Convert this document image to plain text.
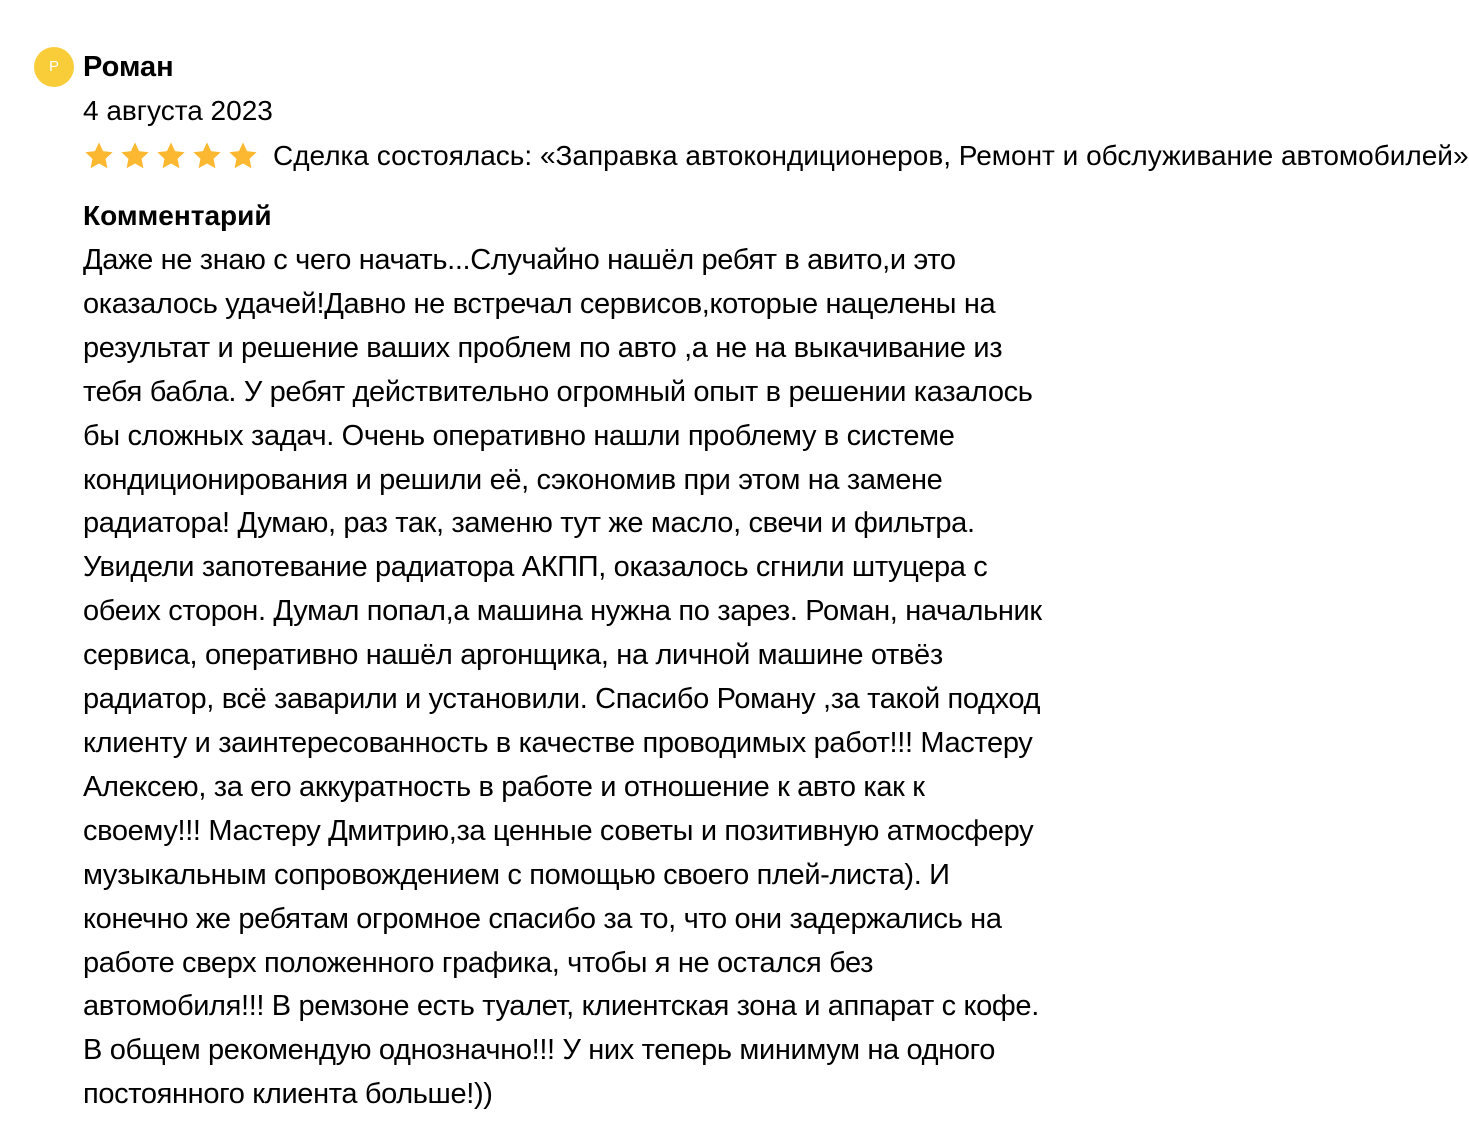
Р Роман
4 августа 2023
Сделка состоялась: «Заправка автокондиционеров, Ремонт и обслуживание автомобилей»
Комментарий

Даже не знаю с чего начать...Случайно нашёл ребят в авито,и это
оказалось удачей!Давно не встречал сервисов,которые нацелены на
результат и решение ваших проблем по авто ,а не на выкачивание из
тебя бабла. У ребят действительно огромный опыт в решении казалось
бы сложных задач. Очень оперативно нашли проблему в системе
кондиционирования и решили её, сэкономив при этом на замене
радиатора! Думаю, раз так, заменю тут же масло, свечи и фильтра.
Увидели запотевание радиатора АКПП, оказалось сгнили штуцера с
обеих сторон. Думал попал,а машина нужна по зарез. Роман, начальник
сервиса, оперативно нашёл аргонщика, на личной машине отвёз
радиатор, всё заварили и установили. Спасибо Роману ,за такой подход
клиенту и заинтересованность в качестве проводимых работ!!! Мастеру
Алексею, за его аккуратность в работе и отношение к авто как к
своему!!! Мастеру Дмитрию,за ценные советы и позитивную атмосферу
музыкальным сопровождением с помощью своего плей-листа). И
конечно же ребятам огромное спасибо за то, что они задержались на
работе сверх положенного графика, чтобы я не остался без
автомобиля!!! В ремзоне есть туалет, клиентская зона и аппарат с кофе.
В общем рекомендую однозначно!!! У них теперь минимум на одного
постоянного клиента больше!))
